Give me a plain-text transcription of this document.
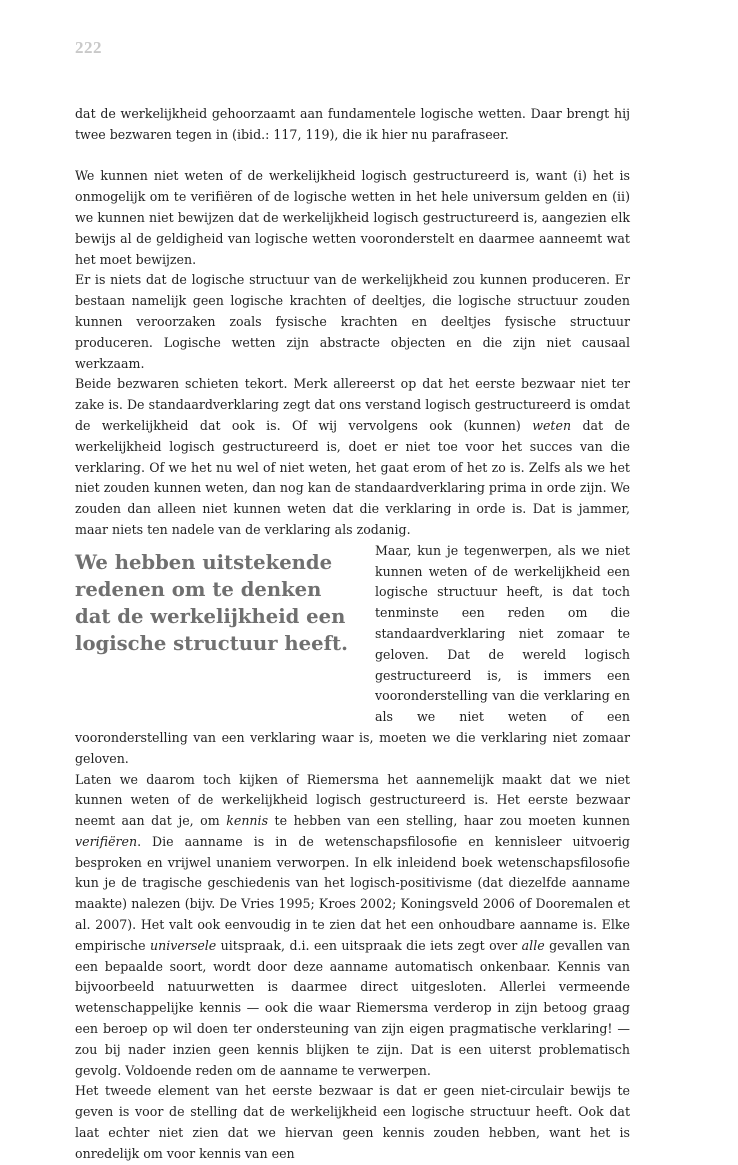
222

dat de werkelijkheid gehoorzaamt aan fundamentele logische wetten. Daar brengt hij twee bezwaren tegen in (ibid.: 117, 119), die ik hier nu parafraseer.

We kunnen niet weten of de werkelijkheid logisch gestructureerd is, want (i) het is onmogelijk om te verifiëren of de logische wetten in het hele universum gelden en (ii) we kunnen niet bewijzen dat de werkelijkheid logisch gestructureerd is, aangezien elk bewijs al de geldigheid van logische wetten vooronderstelt en daarmee aanneemt wat het moet bewijzen.

Er is niets dat de logische structuur van de werkelijkheid zou kunnen produceren. Er bestaan namelijk geen logische krachten of deeltjes, die logische structuur zouden kunnen veroorzaken zoals fysische krachten en deeltjes fysische structuur produceren. Logische wetten zijn abstracte objecten en die zijn niet causaal werkzaam.

Beide bezwaren schieten tekort. Merk allereerst op dat het eerste bezwaar niet ter zake is. De standaardverklaring zegt dat ons verstand logisch gestructureerd is omdat de werkelijkheid dat ook is. Of wij vervolgens ook (kunnen) weten dat de werkelijkheid logisch gestructureerd is, doet er niet toe voor het succes van die verklaring. Of we het nu wel of niet weten, het gaat erom of het zo is. Zelfs als we het niet zouden kunnen weten, dan nog kan de standaardverklaring prima in orde zijn. We zouden dan alleen niet kunnen weten dat die verklaring in orde is. Dat is jammer, maar niets ten nadele van de verklaring als zodanig.

We hebben uitstekende redenen om te denken dat de werkelijkheid een logische structuur heeft.

Maar, kun je tegenwerpen, als we niet kunnen weten of de werkelijkheid een logische structuur heeft, is dat toch tenminste een reden om die standaardverklaring niet zomaar te geloven. Dat de wereld logisch gestructureerd is, is immers een vooronderstelling van die verklaring en als we niet weten of een vooronderstelling van een verklaring waar is, moeten we die verklaring niet zomaar geloven.

Laten we daarom toch kijken of Riemersma het aannemelijk maakt dat we niet kunnen weten of de werkelijkheid logisch gestructureerd is. Het eerste bezwaar neemt aan dat je, om kennis te hebben van een stelling, haar zou moeten kunnen verifiëren. Die aanname is in de wetenschapsfilosofie en kennisleer uitvoerig besproken en vrijwel unaniem verworpen. In elk inleidend boek wetenschapsfilosofie kun je de tragische geschiedenis van het logisch-positivisme (dat diezelfde aanname maakte) nalezen (bijv. De Vries 1995; Kroes 2002; Koningsveld 2006 of Dooremalen et al. 2007). Het valt ook eenvoudig in te zien dat het een onhoudbare aanname is. Elke empirische universele uitspraak, d.i. een uitspraak die iets zegt over alle gevallen van een bepaalde soort, wordt door deze aanname automatisch onkenbaar. Kennis van bijvoorbeeld natuurwetten is daarmee direct uitgesloten. Allerlei vermeende wetenschappelijke kennis — ook die waar Riemersma verderop in zijn betoog graag een beroep op wil doen ter ondersteuning van zijn eigen pragmatische verklaring! — zou bij nader inzien geen kennis blijken te zijn. Dat is een uiterst problematisch gevolg. Voldoende reden om de aanname te verwerpen.

Het tweede element van het eerste bezwaar is dat er geen niet-circulair bewijs te geven is voor de stelling dat de werkelijkheid een logische structuur heeft. Ook dat laat echter niet zien dat we hiervan geen kennis zouden hebben, want het is onredelijk om voor kennis van een
